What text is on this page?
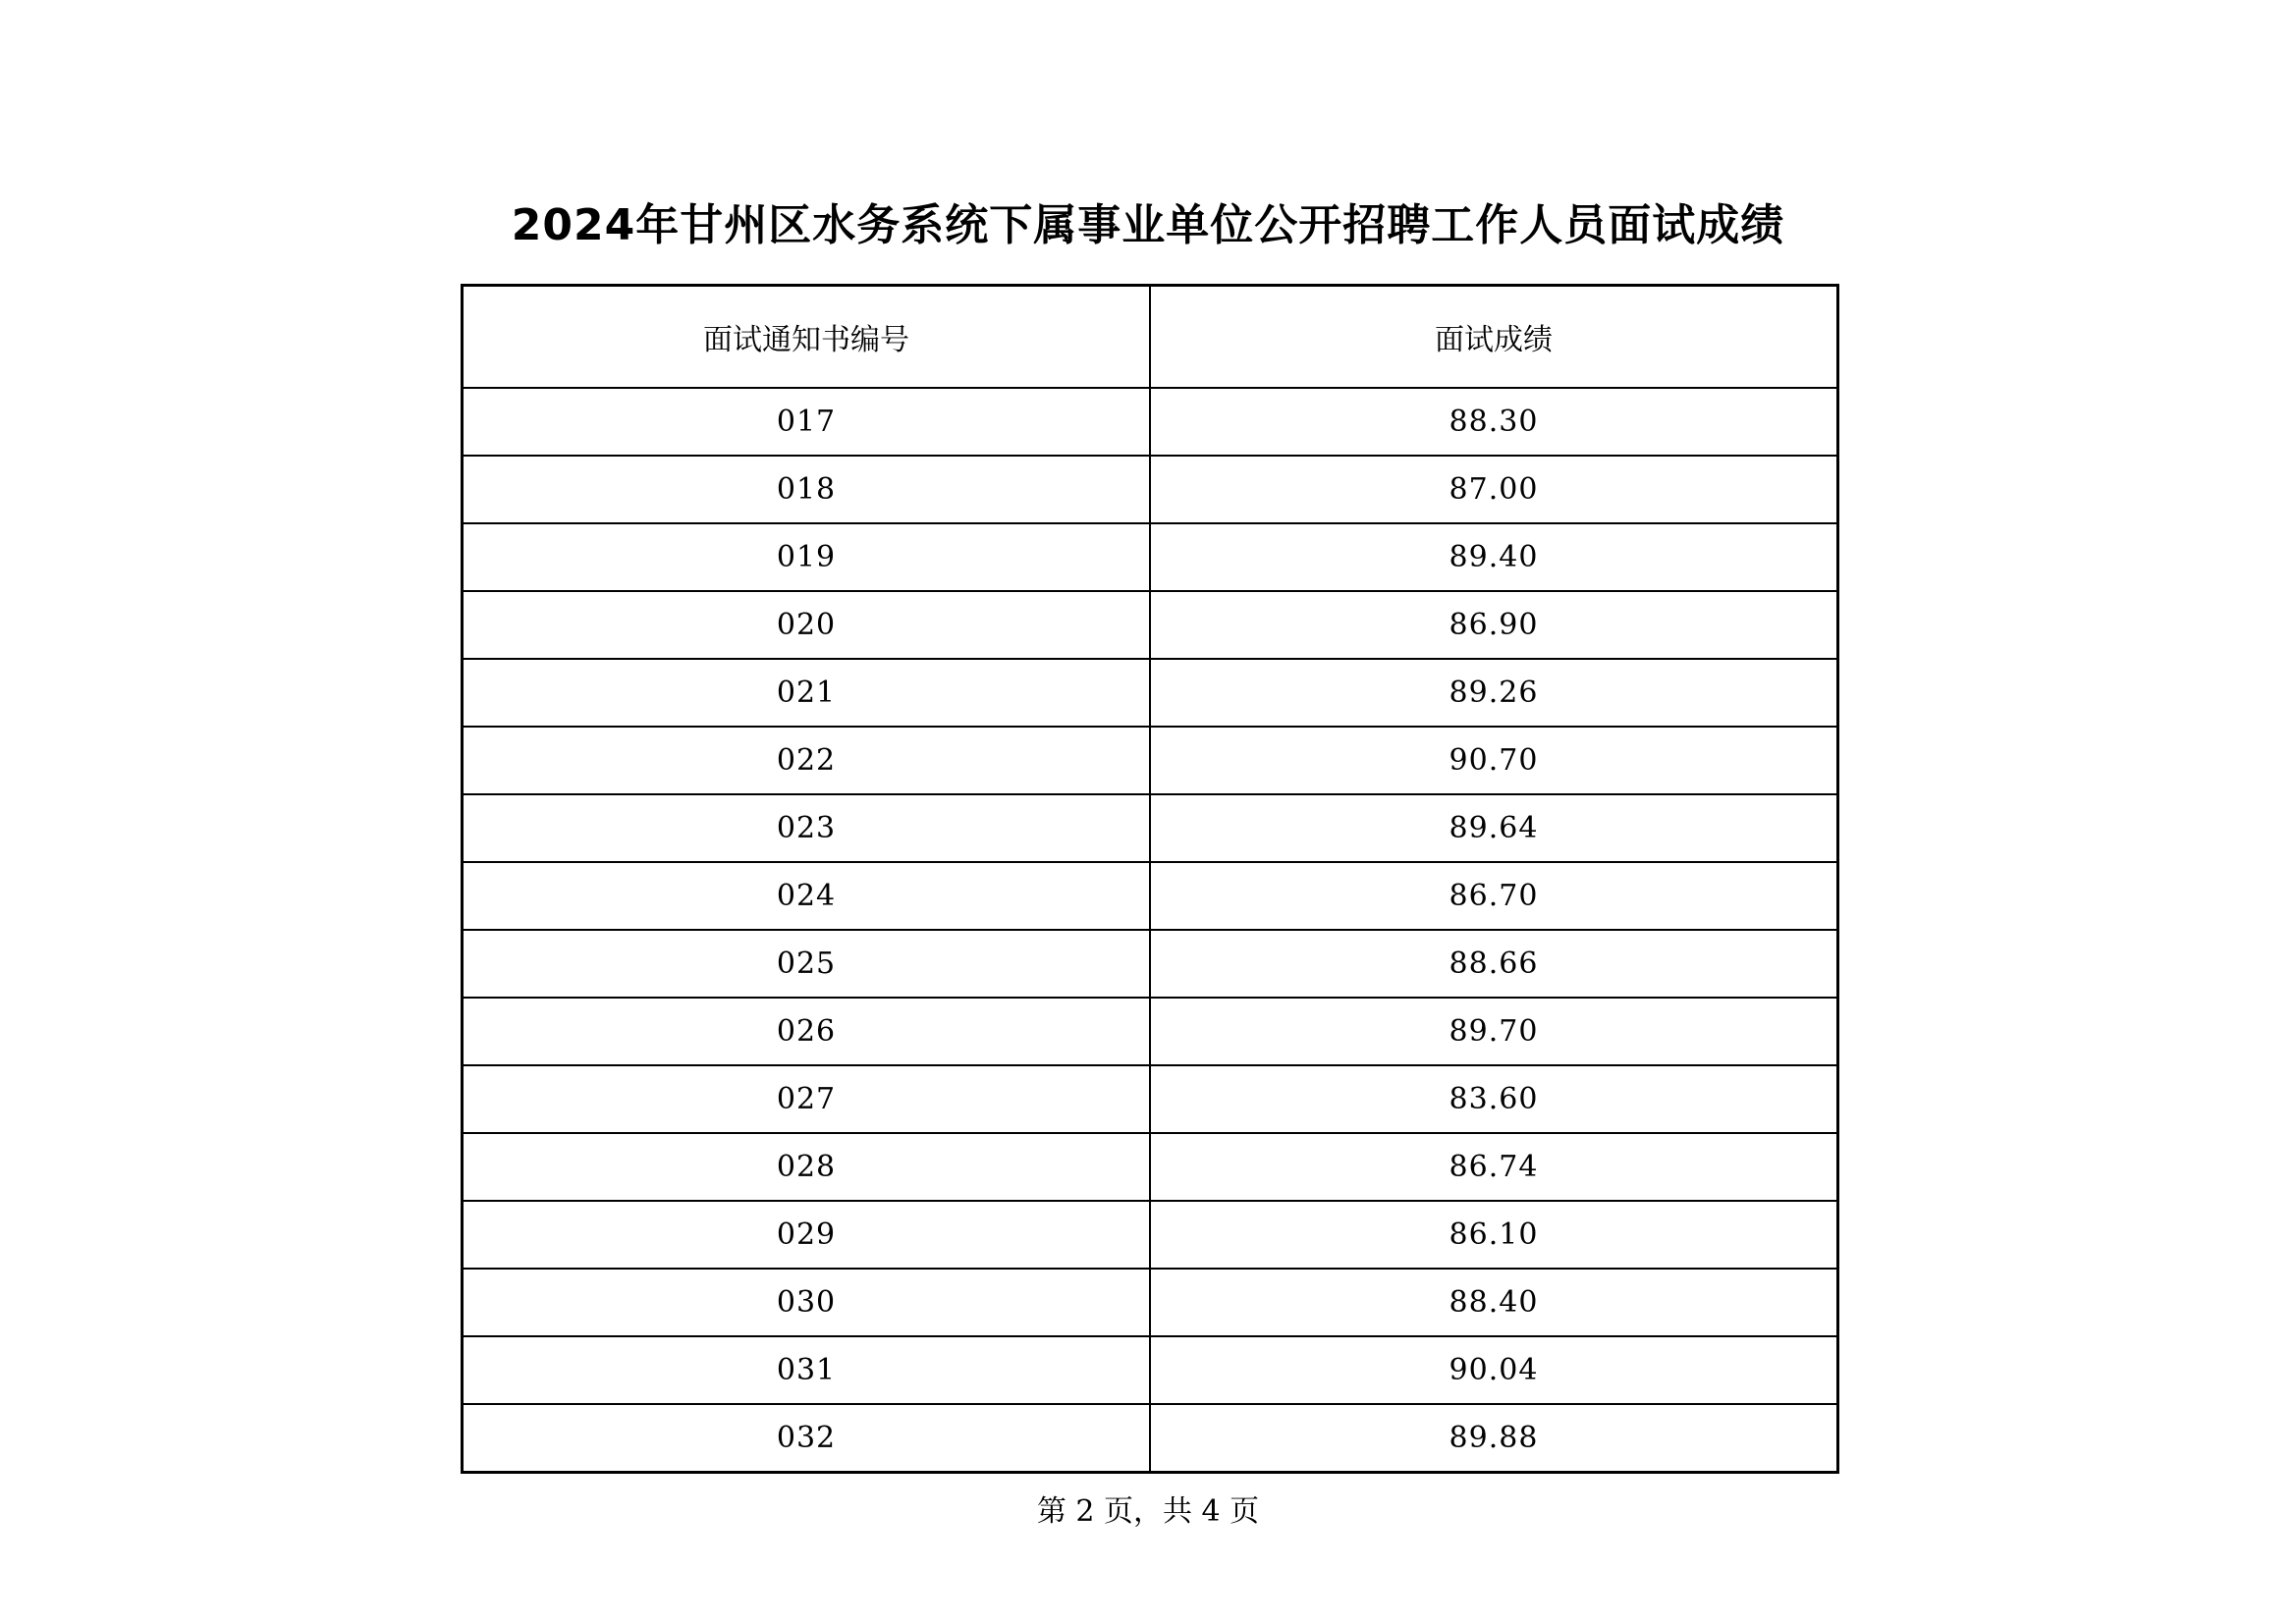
2024年甘州区水务系统下属事业单位公开招聘工作人员面试成绩
面试通知书编号	面试成绩
017	88.30
018	87.00
019	89.40
020	86.90
021	89.26
022	90.70
023	89.64
024	86.70
025	88.66
026	89.70
027	83.60
028	86.74
029	86.10
030	88.40
031	90.04
032	89.88
第 2 页，共 4 页
